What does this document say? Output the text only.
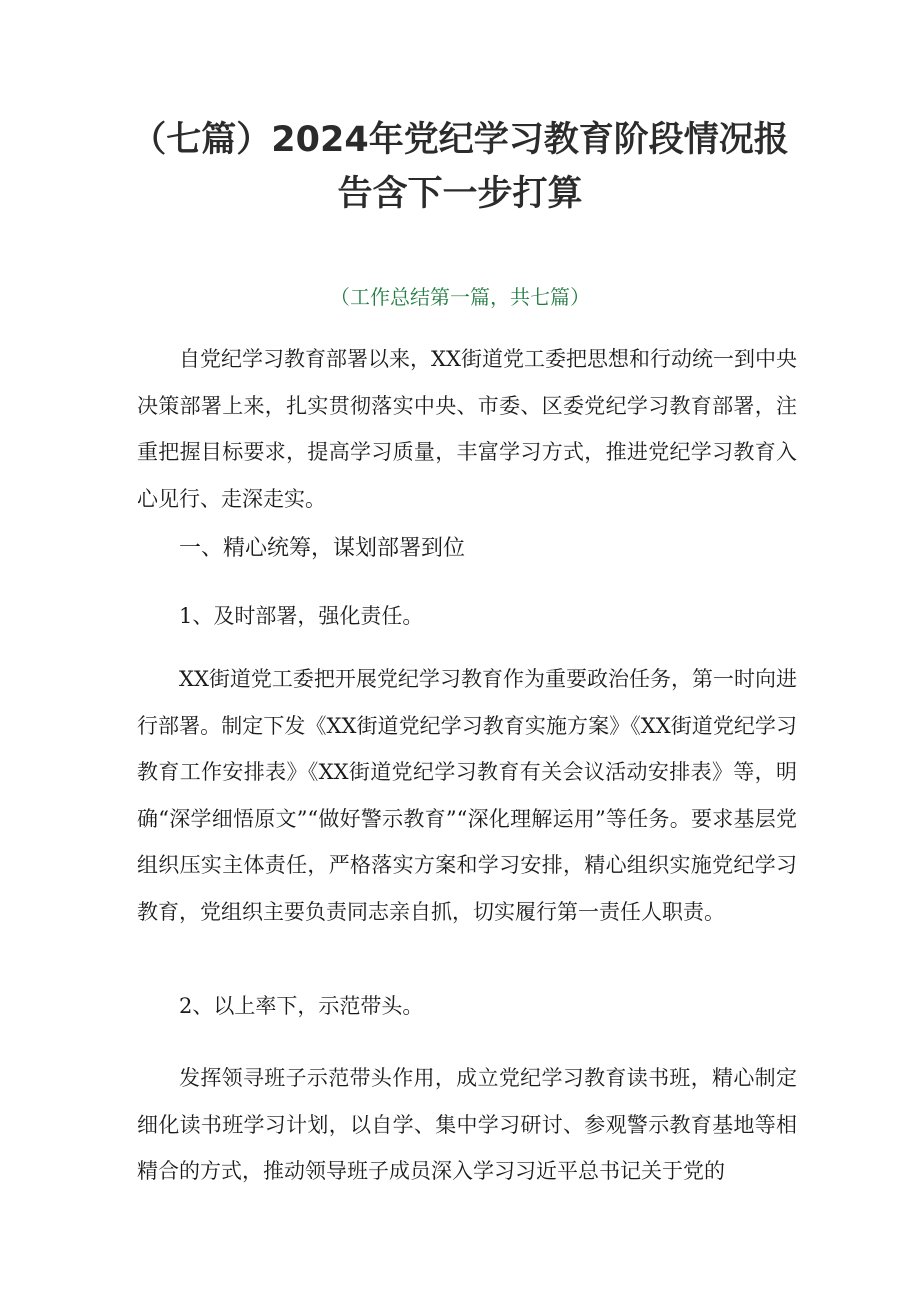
（七篇）2024年党纪学习教育阶段情况报
告含下一步打算
（工作总结第一篇，共七篇）

自党纪学习教育部署以来，XX街道党工委把思想和行动统一到中央决策部署上来，扎实贯彻落实中央、市委、区委党纪学习教育部署，注重把握目标要求，提高学习质量，丰富学习方式，推进党纪学习教育入心见行、走深走实。

一、精心统筹，谋划部署到位
1、及时部署，强化责任。

XX街道党工委把开展党纪学习教育作为重要政治任务，第一时向进行部署。制定下发《XX街道党纪学习教育实施方案》《XX街道党纪学习教育工作安排表》《XX街道党纪学习教育有关会议活动安排表》等，明确“深学细悟原文”“做好警示教育”“深化理解运用”等任务。要求基层党组织压实主体责任，严格落实方案和学习安排，精心组织实施党纪学习教育，党组织主要负责同志亲自抓，切实履行第一责任人职责。

2、以上率下，示范带头。

发挥领寻班子示范带头作用，成立党纪学习教育读书班，精心制定细化读书班学习计划，以自学、集中学习研讨、参观警示教育基地等相精合的方式，推动领导班子成员深入学习习近平总书记关于党的
